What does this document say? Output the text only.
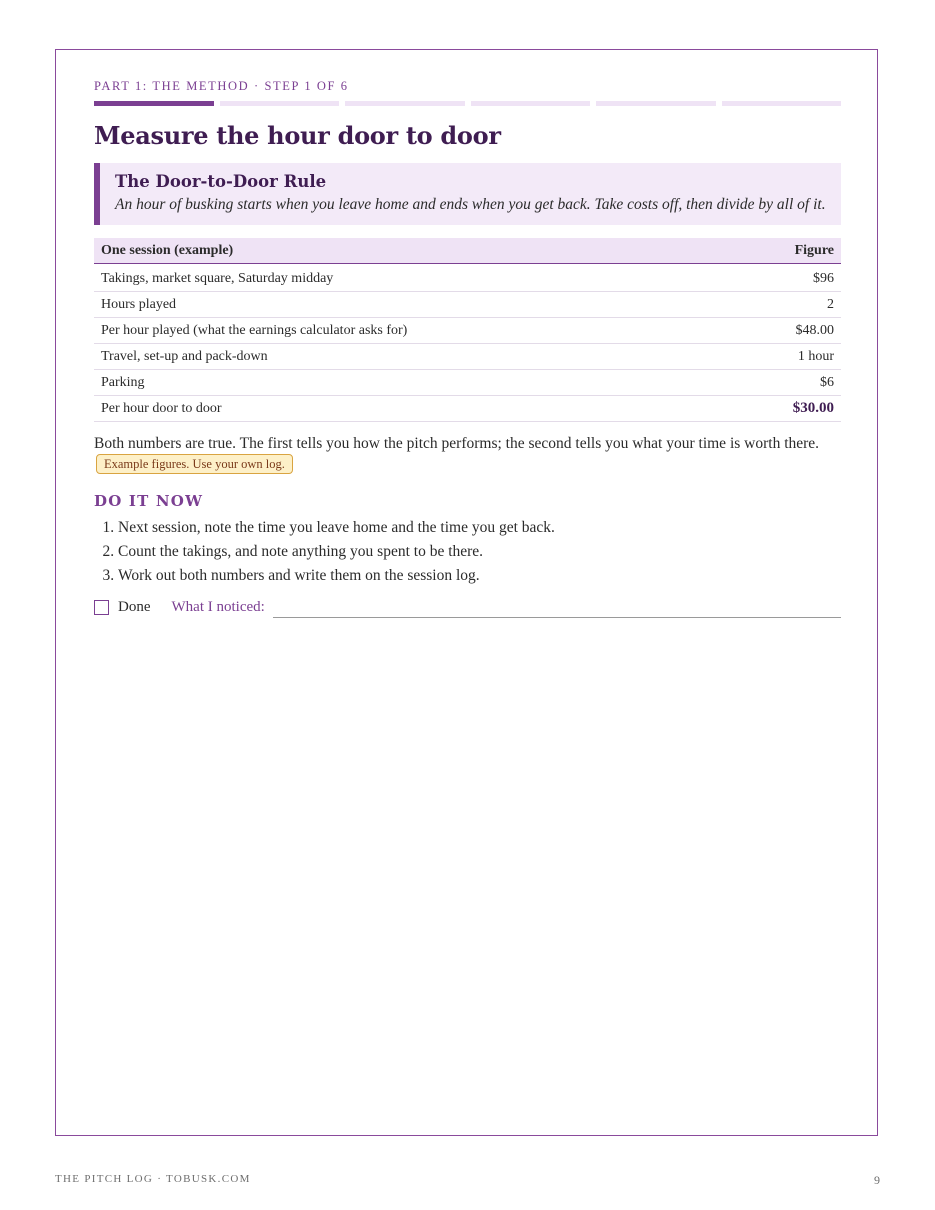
PART 1: THE METHOD · STEP 1 OF 6
Measure the hour door to door
The Door-to-Door Rule
An hour of busking starts when you leave home and ends when you get back. Take costs off, then divide by all of it.
One session (example)	Figure
Takings, market square, Saturday midday	$96
Hours played	2
Per hour played (what the earnings calculator asks for)	$48.00
Travel, set-up and pack-down	1 hour
Parking	$6
Per hour door to door	$30.00
Both numbers are true. The first tells you how the pitch performs; the second tells you what your time is worth there. Example figures. Use your own log.
DO IT NOW
1. Next session, note the time you leave home and the time you get back.
2. Count the takings, and note anything you spent to be there.
3. Work out both numbers and write them on the session log.
Done What I noticed:
THE PITCH LOG · TOBUSK.COM	9
